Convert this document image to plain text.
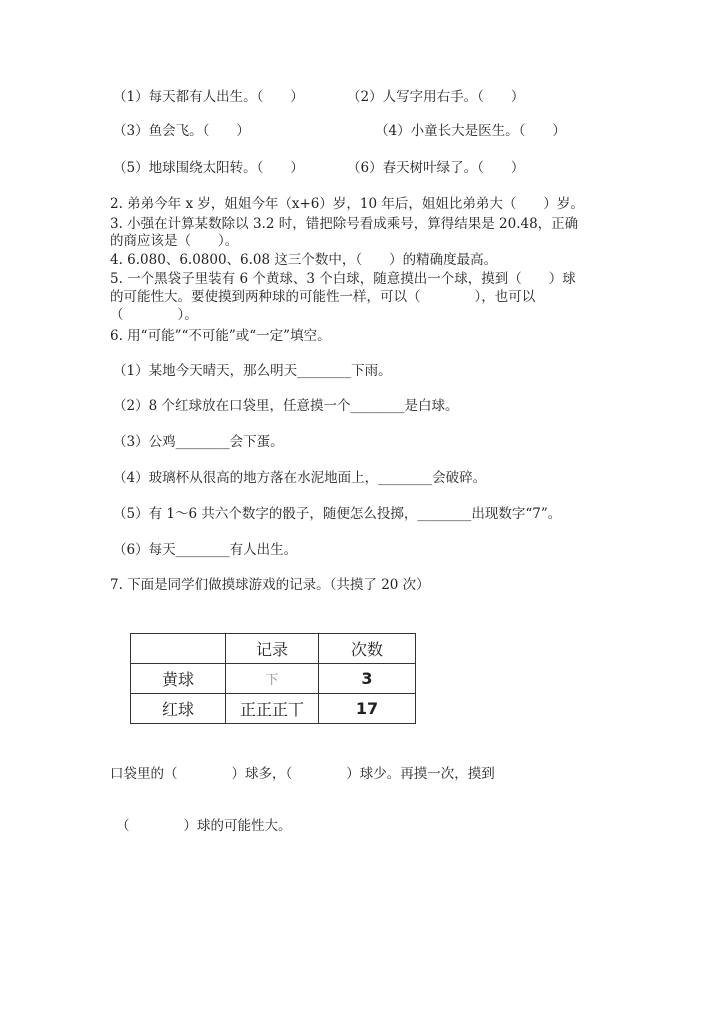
（1）每天都有人出生。（　　）	（2）人写字用右手。（　　）
（3）鱼会飞。（　　）	（4）小童长大是医生。（　　）
（5）地球围绕太阳转。（　　）	（6）春天树叶绿了。（　　）
2. 弟弟今年 x 岁，姐姐今年（x+6）岁，10 年后，姐姐比弟弟大（　　）岁。
3. 小强在计算某数除以 3.2 时，错把除号看成乘号，算得结果是 20.48，正确
的商应该是（　　）。
4. 6.080、6.0800、6.08 这三个数中，（　　）的精确度最高。
5. 一个黑袋子里装有 6 个黄球、3 个白球，随意摸出一个球，摸到（　　）球
的可能性大。要使摸到两种球的可能性一样，可以（　　　　），也可以
（　　　　）。
6. 用“可能”“不可能”或“一定”填空。
（1）某地今天晴天，那么明天________下雨。
（2）8 个红球放在口袋里，任意摸一个________是白球。
（3）公鸡________会下蛋。
（4）玻璃杯从很高的地方落在水泥地面上，________会破碎。
（5）有 1～6 共六个数字的骰子，随便怎么投掷，________出现数字“7”。
（6）每天________有人出生。
7. 下面是同学们做摸球游戏的记录。（共摸了 20 次）
	记录	次数
黄球	下	3
红球	正正正丅	17
口袋里的（　　　　）球多，（　　　　）球少。再摸一次，摸到
（　　　　）球的可能性大。
